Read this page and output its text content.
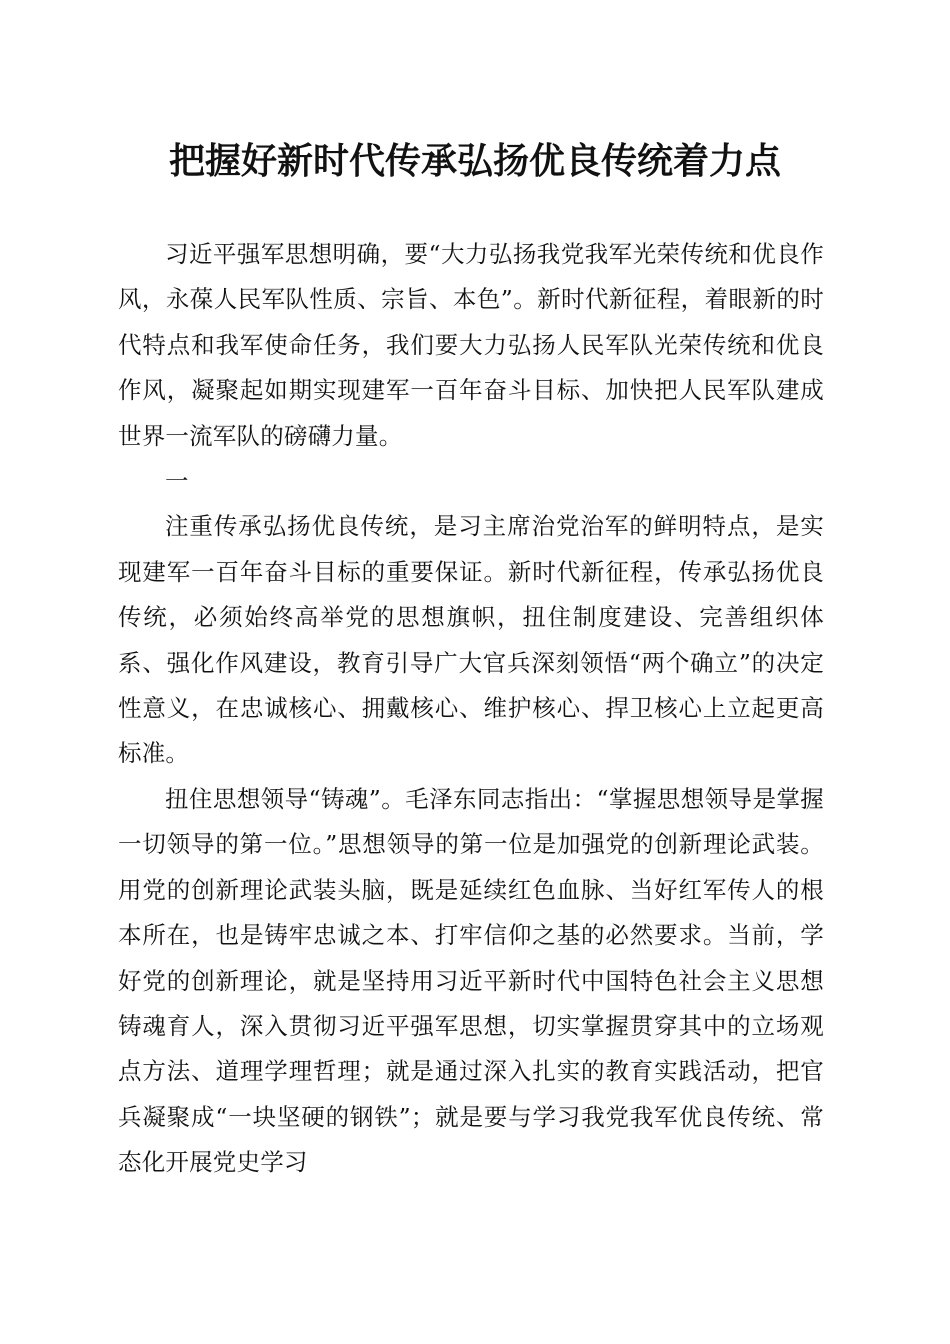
把握好新时代传承弘扬优良传统着力点

习近平强军思想明确，要“大力弘扬我党我军光荣传统和优良作风，永葆人民军队性质、宗旨、本色”。新时代新征程，着眼新的时代特点和我军使命任务，我们要大力弘扬人民军队光荣传统和优良作风，凝聚起如期实现建军一百年奋斗目标、加快把人民军队建成世界一流军队的磅礴力量。

一

注重传承弘扬优良传统，是习主席治党治军的鲜明特点，是实现建军一百年奋斗目标的重要保证。新时代新征程，传承弘扬优良传统，必须始终高举党的思想旗帜，扭住制度建设、完善组织体系、强化作风建设，教育引导广大官兵深刻领悟“两个确立”的决定性意义，在忠诚核心、拥戴核心、维护核心、捍卫核心上立起更高标准。

扭住思想领导“铸魂”。毛泽东同志指出：“掌握思想领导是掌握一切领导的第一位。”思想领导的第一位是加强党的创新理论武装。用党的创新理论武装头脑，既是延续红色血脉、当好红军传人的根本所在，也是铸牢忠诚之本、打牢信仰之基的必然要求。当前，学好党的创新理论，就是坚持用习近平新时代中国特色社会主义思想铸魂育人，深入贯彻习近平强军思想，切实掌握贯穿其中的立场观点方法、道理学理哲理；就是通过深入扎实的教育实践活动，把官兵凝聚成“一块坚硬的钢铁”；就是要与学习我党我军优良传统、常态化开展党史学习
